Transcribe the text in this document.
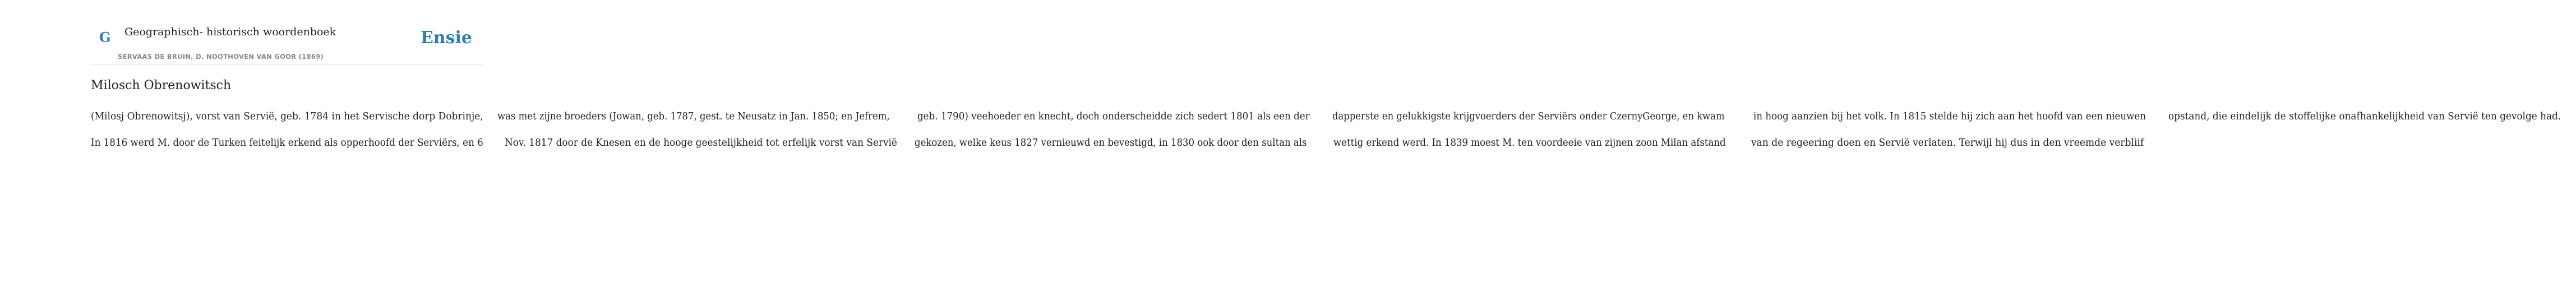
G Geographisch- historisch woordenboek
SERVAAS DE BRUIN, D. NOOTHOVEN VAN GOOR (1869)
Ensie
Milosch Obrenowitsch

(Milosj Obrenowitsj), vorst van Servië, geb. 1784 in het Servische dorp Dobrinje, was met zijne broeders (Jowan, geb. 1787, gest. te Neusatz in Jan. 1850; en Jefrem,	geb. 1790) veehoeder en knecht, doch onderscheidde zich sedert 1801 als een der dapperste en gelukkigste krijgvoerders der Serviërs onder CzernyGeorge, en kwam	in hoog aanzien bij het volk. In 1815 stelde hij zich aan het hoofd van een nieuwen opstand, die eindelijk de stoffelijke onafhankelijkheid van Servië ten gevolge had.

In 1816 werd M. door de Turken feitelijk erkend als opperhoofd der Serviërs, en 6 Nov. 1817 door de Knesen en de hooge geestelijkheid tot erfelijk vorst van Servië gekozen, welke keus 1827 vernieuwd en bevestigd, in 1830 ook door den sultan als	wettig erkend werd. In 1839 moest M. ten voordeeie van zijnen zoon Milan afstand	van de regeering doen en Servië verlaten. Terwijl hij dus in den vreemde verbliif
